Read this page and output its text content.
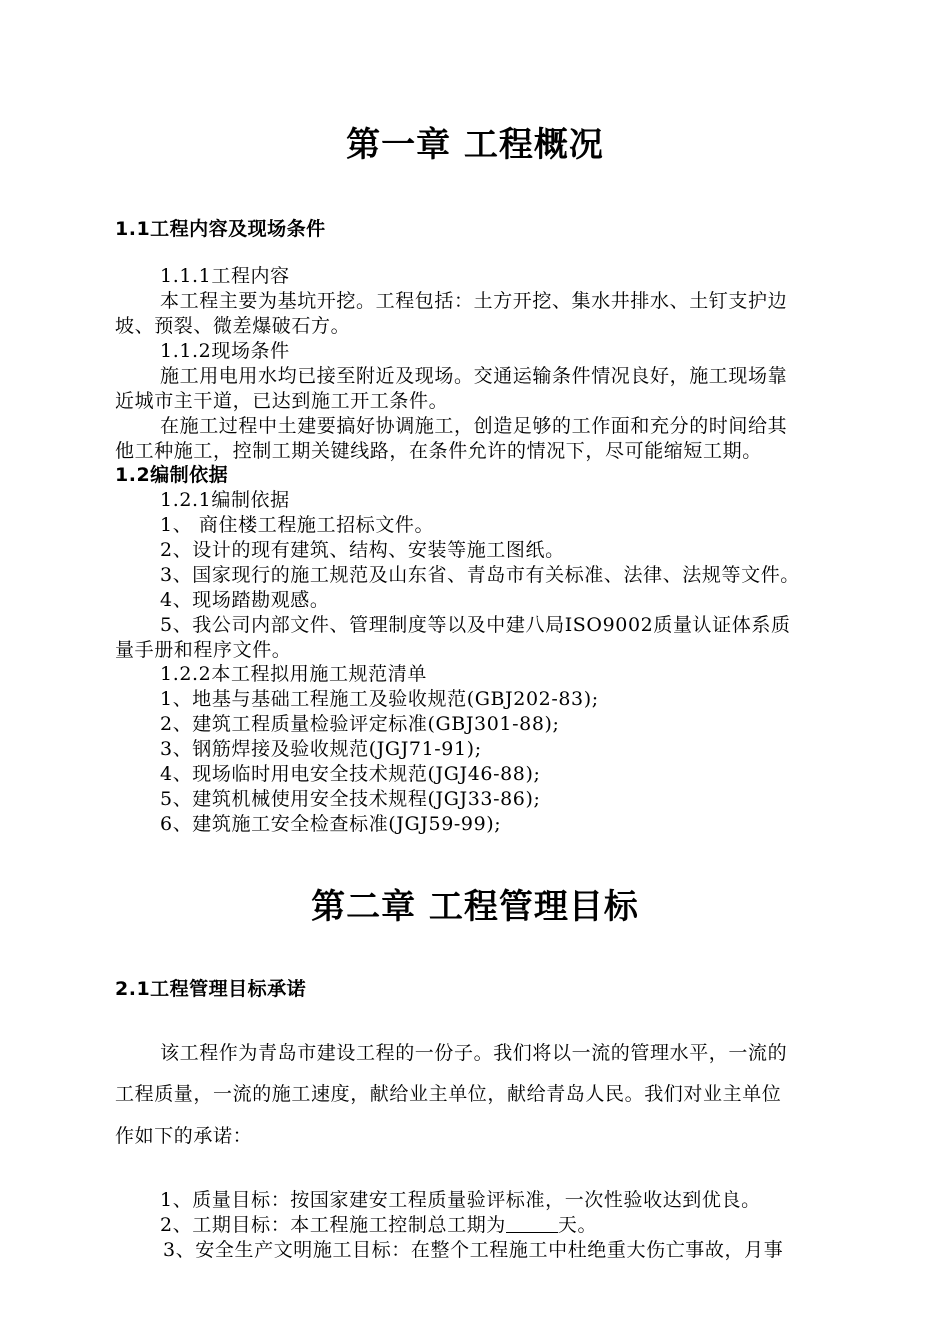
第一章 工程概况
1.1工程内容及现场条件
1.1.1工程内容
本工程主要为基坑开挖。工程包括：土方开挖、集水井排水、土钉支护边
坡、预裂、微差爆破石方。
1.1.2现场条件
施工用电用水均已接至附近及现场。交通运输条件情况良好，施工现场靠
近城市主干道，已达到施工开工条件。
在施工过程中土建要搞好协调施工，创造足够的工作面和充分的时间给其
他工种施工，控制工期关键线路，在条件允许的情况下，尽可能缩短工期。
1.2编制依据
1.2.1编制依据
1、 商住楼工程施工招标文件。
2、设计的现有建筑、结构、安装等施工图纸。
3、国家现行的施工规范及山东省、青岛市有关标准、法律、法规等文件。
4、现场踏勘观感。
5、我公司内部文件、管理制度等以及中建八局ISO9002质量认证体系质
量手册和程序文件。
1.2.2本工程拟用施工规范清单
1、地基与基础工程施工及验收规范(GBJ202-83);
2、建筑工程质量检验评定标准(GBJ301-88);
3、钢筋焊接及验收规范(JGJ71-91);
4、现场临时用电安全技术规范(JGJ46-88);
5、建筑机械使用安全技术规程(JGJ33-86);
6、建筑施工安全检查标准(JGJ59-99);
第二章 工程管理目标
2.1工程管理目标承诺
该工程作为青岛市建设工程的一份子。我们将以一流的管理水平，一流的
工程质量，一流的施工速度，献给业主单位，献给青岛人民。我们对业主单位
作如下的承诺：
1、质量目标：按国家建安工程质量验评标准，一次性验收达到优良。
2、工期目标：本工程施工控制总工期为	天。
3、安全生产文明施工目标：在整个工程施工中杜绝重大伤亡事故，月事
